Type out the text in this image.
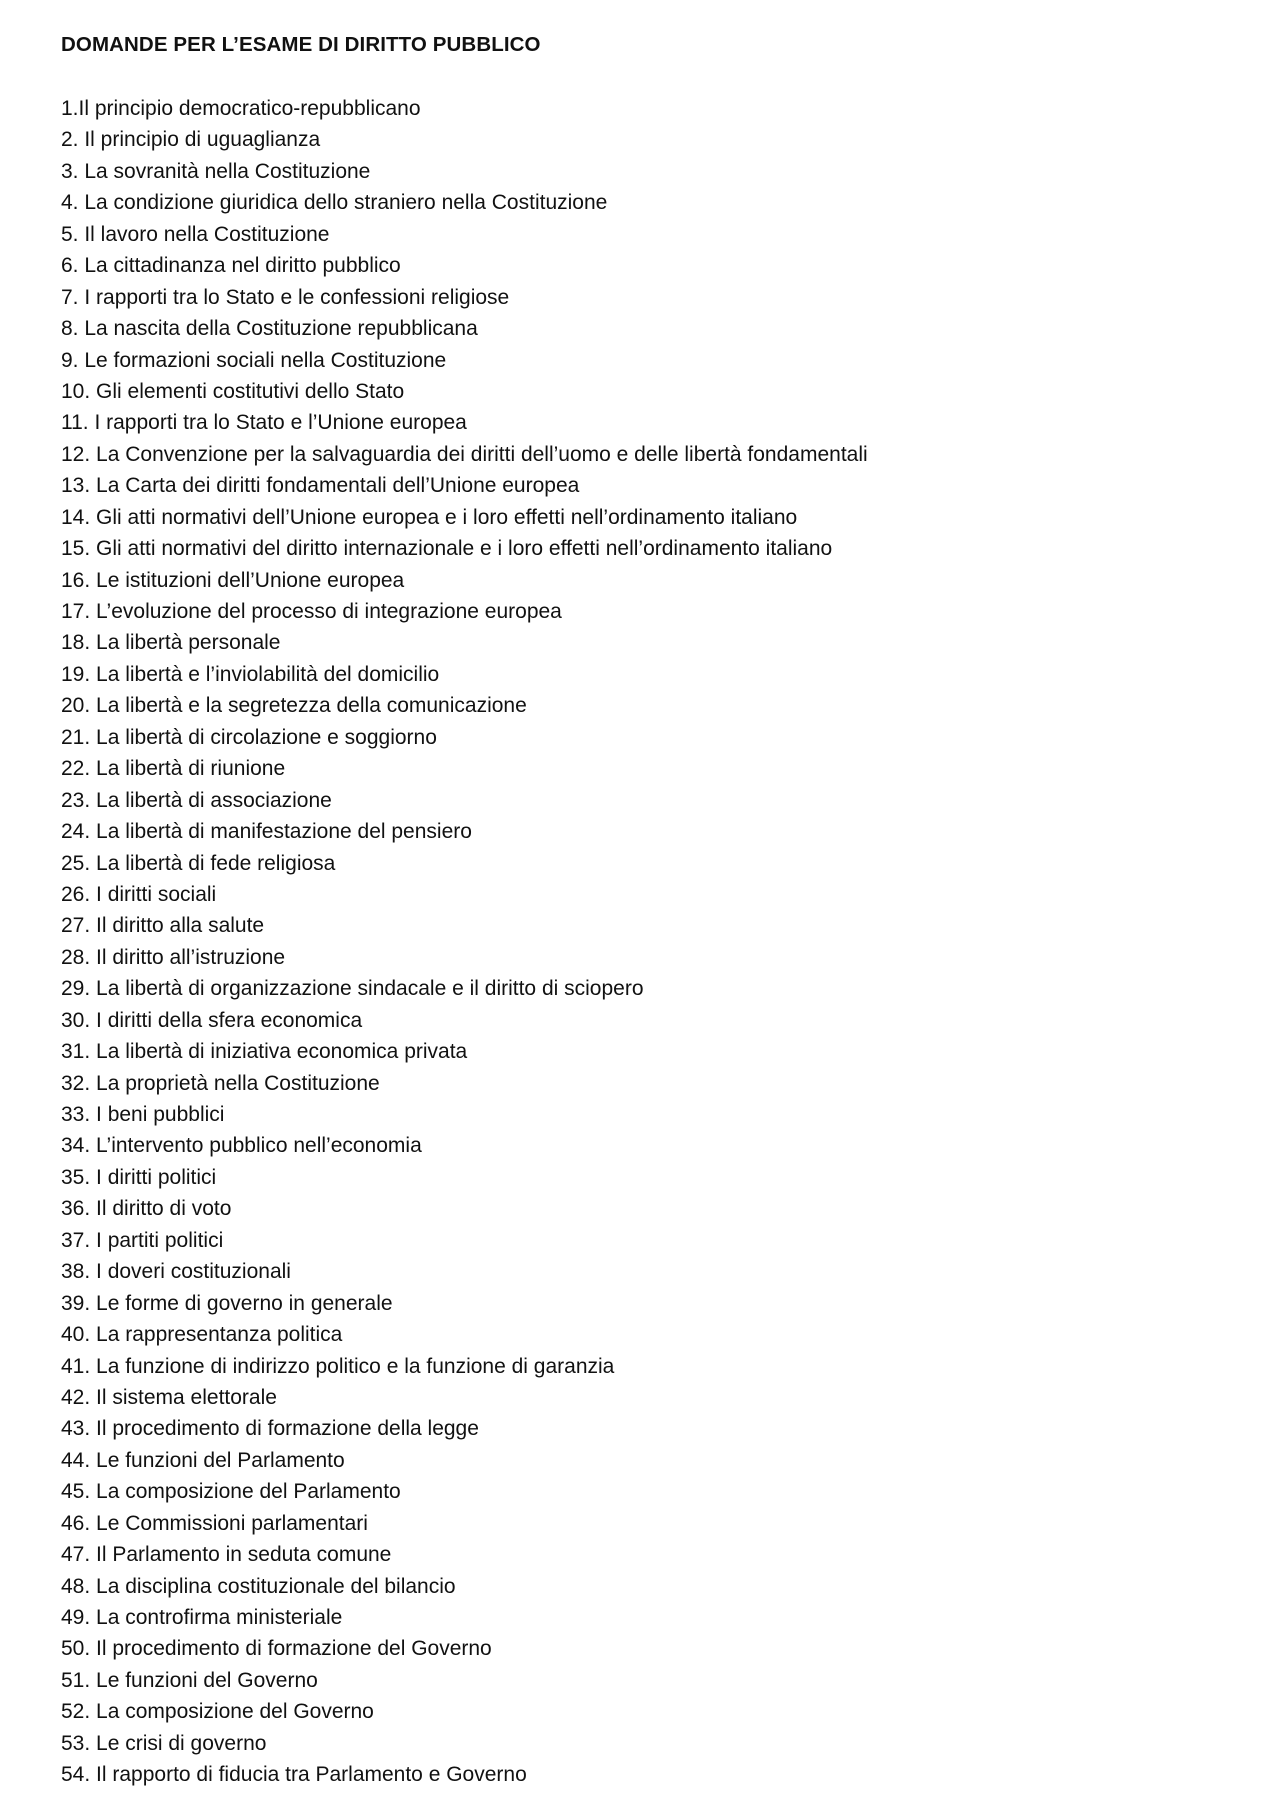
DOMANDE PER L’ESAME DI DIRITTO PUBBLICO
1.Il principio democratico-repubblicano
2. Il principio di uguaglianza
3. La sovranità nella Costituzione
4. La condizione giuridica dello straniero nella Costituzione
5. Il lavoro nella Costituzione
6. La cittadinanza nel diritto pubblico
7. I rapporti tra lo Stato e le confessioni religiose
8. La nascita della Costituzione repubblicana
9. Le formazioni sociali nella Costituzione
10. Gli elementi costitutivi dello Stato
11. I rapporti tra lo Stato e l’Unione europea
12. La Convenzione per la salvaguardia dei diritti dell’uomo e delle libertà fondamentali
13. La Carta dei diritti fondamentali dell’Unione europea
14. Gli atti normativi dell’Unione europea e i loro effetti nell’ordinamento italiano
15. Gli atti normativi del diritto internazionale e i loro effetti nell’ordinamento italiano
16. Le istituzioni dell’Unione europea
17. L’evoluzione del processo di integrazione europea
18. La libertà personale
19. La libertà e l’inviolabilità del domicilio
20. La libertà e la segretezza della comunicazione
21. La libertà di circolazione e soggiorno
22. La libertà di riunione
23. La libertà di associazione
24. La libertà di manifestazione del pensiero
25. La libertà di fede religiosa
26. I diritti sociali
27. Il diritto alla salute
28. Il diritto all’istruzione
29. La libertà di organizzazione sindacale e il diritto di sciopero
30. I diritti della sfera economica
31. La libertà di iniziativa economica privata
32. La proprietà nella Costituzione
33. I beni pubblici
34. L’intervento pubblico nell’economia
35. I diritti politici
36. Il diritto di voto
37. I partiti politici
38. I doveri costituzionali
39. Le forme di governo in generale
40. La rappresentanza politica
41. La funzione di indirizzo politico e la funzione di garanzia
42. Il sistema elettorale
43. Il procedimento di formazione della legge
44. Le funzioni del Parlamento
45. La composizione del Parlamento
46. Le Commissioni parlamentari
47. Il Parlamento in seduta comune
48. La disciplina costituzionale del bilancio
49. La controfirma ministeriale
50. Il procedimento di formazione del Governo
51. Le funzioni del Governo
52. La composizione del Governo
53. Le crisi di governo
54. Il rapporto di fiducia tra Parlamento e Governo
